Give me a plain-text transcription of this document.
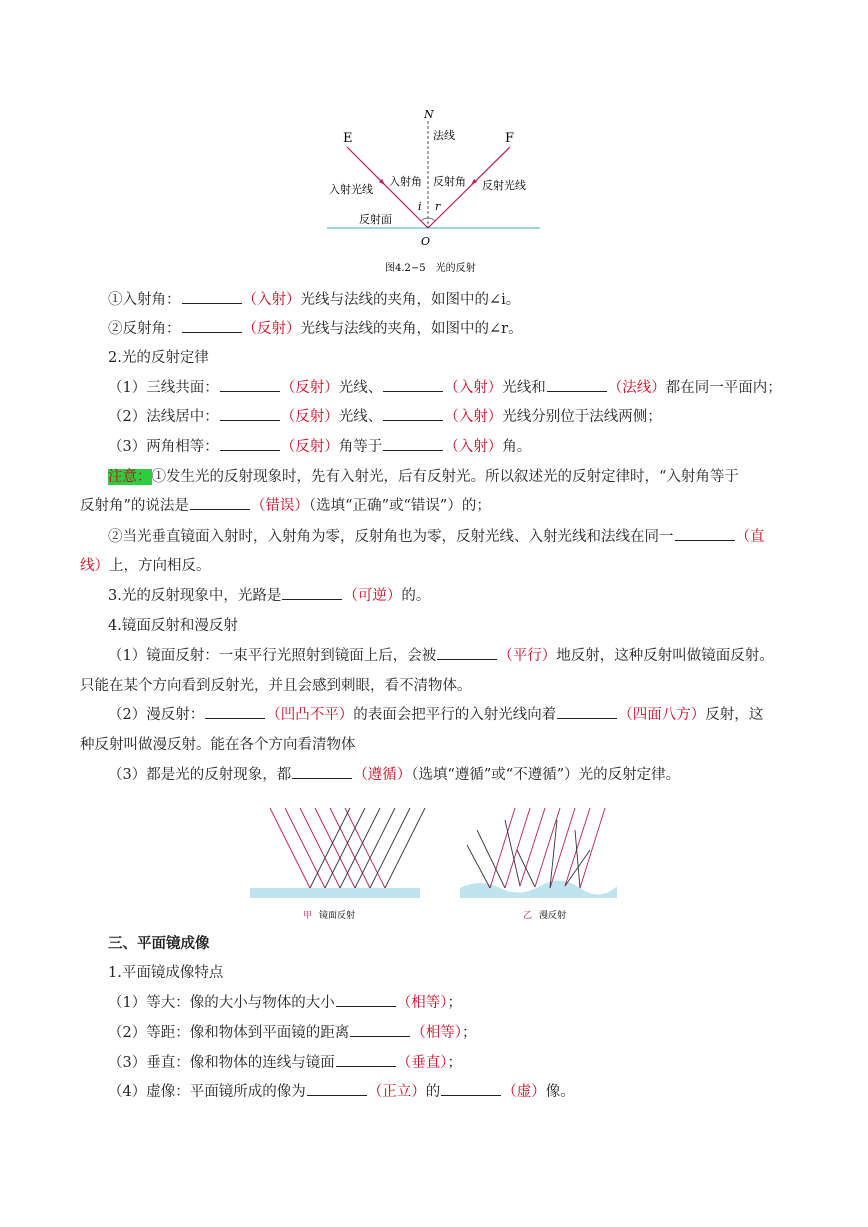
N
E	F
法线
入射光线
入射角 反射角 反射光线
i r
反射面
O
图4.2−5　光的反射
①入射角：	（入射）光线与法线的夹角，如图中的∠i。
②反射角：	（反射）光线与法线的夹角，如图中的∠r。
2.光的反射定律
（1）三线共面：	（反射）光线、	（入射）光线和	（法线）都在同一平面内；
（2）法线居中：	（反射）光线、	（入射）光线分别位于法线两侧；
（3）两角相等：	（反射）角等于	（入射）角。
注意：①发生光的反射现象时，先有入射光，后有反射光。所以叙述光的反射定律时，“入射角等于
反射角”的说法是	（错误）（选填“正确”或“错误”）的；
②当光垂直镜面入射时，入射角为零，反射角也为零，反射光线、入射光线和法线在同一	（直
线）上，方向相反。
3.光的反射现象中，光路是	（可逆）的。
4.镜面反射和漫反射
（1）镜面反射：一束平行光照射到镜面上后，会被	（平行）地反射，这种反射叫做镜面反射。
只能在某个方向看到反射光，并且会感到刺眼，看不清物体。
（2）漫反射：	（凹凸不平）的表面会把平行的入射光线向着	（四面八方）反射，这
种反射叫做漫反射。能在各个方向看清物体
（3）都是光的反射现象，都	（遵循）（选填“遵循”或“不遵循”）光的反射定律。
甲 镜面反射	乙 漫反射
三、平面镜成像
1.平面镜成像特点
（1）等大：像的大小与物体的大小	（相等）；
（2）等距：像和物体到平面镜的距离	（相等）；
（3）垂直：像和物体的连线与镜面	（垂直）；
（4）虚像：平面镜所成的像为	（正立）的	（虚）像。
